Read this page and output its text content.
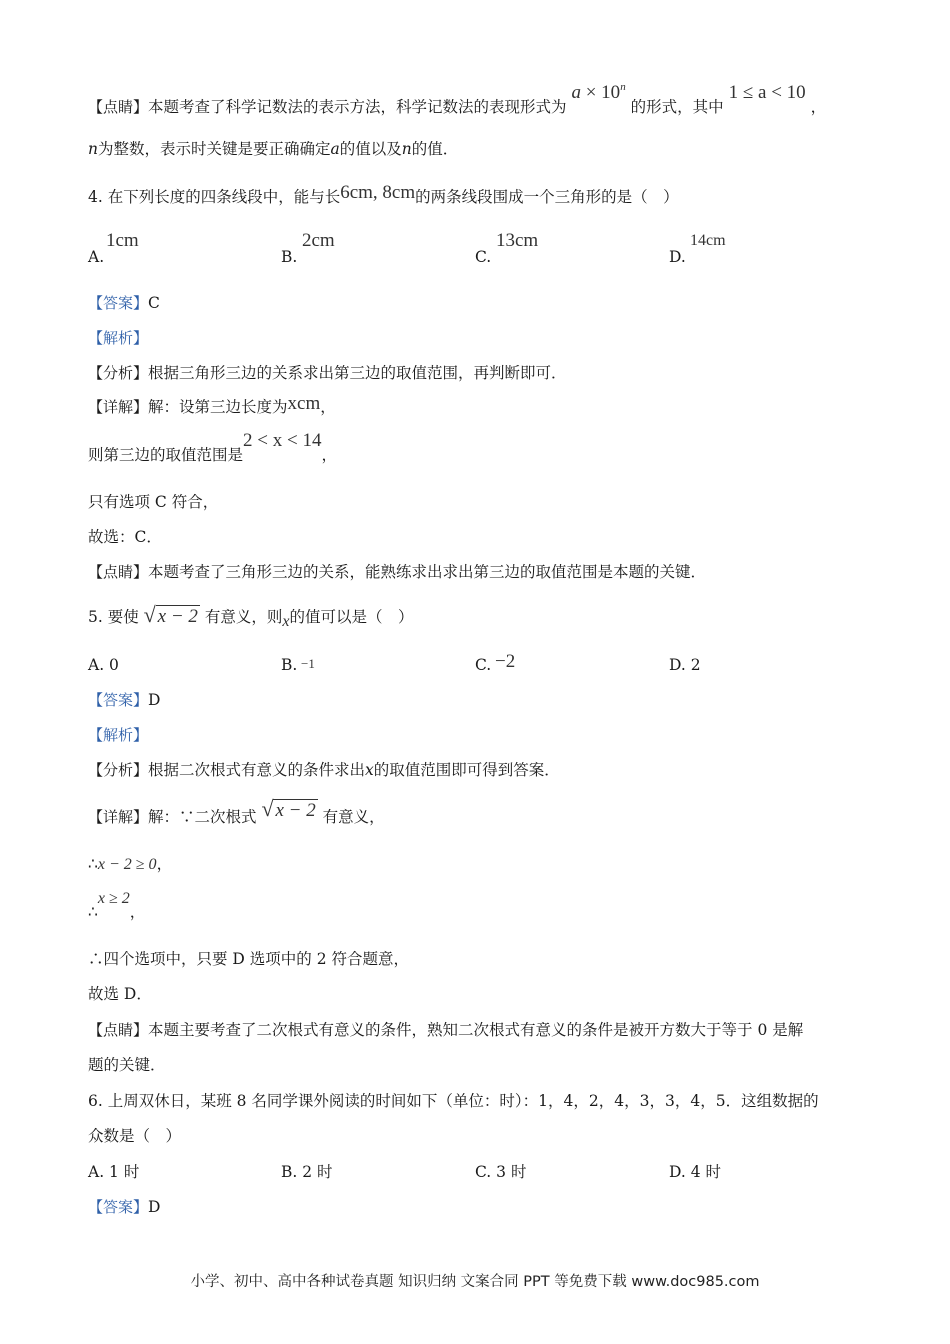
【点睛】本题考查了科学记数法的表示方法，科学记数法的表现形式为 $a \times 10^n$ 的形式，其中 1 ≤ a < 10 ，
n为整数，表示时关键是要正确确定a的值以及n的值．
4. 在下列长度的四条线段中，能与长6cm, 8cm的两条线段围成一个三角形的是（　）
A.
1cm
B.
2cm
C.
13cm
D.
14cm
【答案】C
【解析】
【分析】根据三角形三边的关系求出第三边的取值范围，再判断即可．
【详解】解：设第三边长度为xcm，
则第三边的取值范围是2 < x < 14，
只有选项 C 符合，
故选：C．
【点睛】本题考查了三角形三边的关系，能熟练求出求出第三边的取值范围是本题的关键．
5. 要使 √ x − 2 有意义，则x的值可以是（　）
A. 0	B. −1	C. −2	D. 2
【答案】D
【解析】
【分析】根据二次根式有意义的条件求出x的取值范围即可得到答案．
【详解】解：∵二次根式 √ x − 2 有意义，
∴x − 2 ≥ 0，
∴x ≥ 2，
∴四个选项中，只要 D 选项中的 2 符合题意，
故选 D．
【点睛】本题主要考查了二次根式有意义的条件，熟知二次根式有意义的条件是被开方数大于等于 0 是解
题的关键．
6. 上周双休日，某班 8 名同学课外阅读的时间如下（单位：时）：1，4，2，4，3，3，4，5．这组数据的
众数是（　）
A. 1 时	B. 2 时	C. 3 时	D. 4 时
【答案】D
小学、初中、高中各种试卷真题 知识归纳 文案合同 PPT 等免费下载 www.doc985.com
